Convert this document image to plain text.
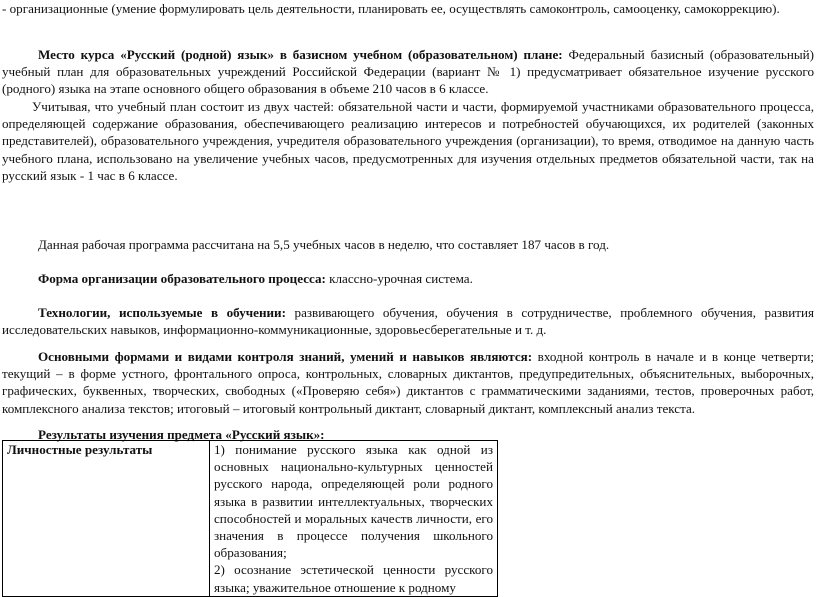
- организационные (умение формулировать цель деятельности, планировать ее, осуществлять самоконтроль, самооценку, самокоррекцию).

Место курса «Русский (родной) язык» в базисном учебном (образовательном) плане: Федеральный базисный (образовательный) учебный план для образовательных учреждений Российской Федерации (вариант № 1) предусматривает обязательное изучение русского (родного) языка на этапе основного общего образования в объеме 210 часов в 6 классе.

Учитывая, что учебный план состоит из двух частей: обязательной части и части, формируемой участниками образовательного процесса, определяющей содержание образования, обеспечивающего реализацию интересов и потребностей обучающихся, их родителей (законных представителей), образовательного учреждения, учредителя образовательного учреждения (организации), то время, отводимое на данную часть учебного плана, использовано на увеличение учебных часов, предусмотренных для изучения отдельных предметов обязательной части, так на русский язык - 1 час в 6 классе.

Данная рабочая программа рассчитана на 5,5 учебных часов в неделю, что составляет 187 часов в год.

Форма организации образовательного процесса: классно-урочная система.

Технологии, используемые в обучении: развивающего обучения, обучения в сотрудничестве, проблемного обучения, развития исследовательских навыков, информационно-коммуникационные, здоровьесберегательные и т. д.

Основными формами и видами контроля знаний, умений и навыков являются: входной контроль в начале и в конце четверти; текущий – в форме устного, фронтального опроса, контрольных, словарных диктантов, предупредительных, объяснительных, выборочных, графических, буквенных, творческих, свободных («Проверяю себя») диктантов с грамматическими заданиями, тестов, проверочных работ, комплексного анализа текстов; итоговый – итоговый контрольный диктант, словарный диктант, комплексный анализ текста.

Результаты изучения предмета «Русский язык»:

Личностные результаты	1) понимание русского языка как одной из основных национально-культурных ценностей русского народа, определяющей роли родного языка в развитии интеллектуальных, творческих способностей и моральных качеств личности, его значения в процессе получения школьного образования;
2) осознание эстетической ценности русского языка; уважительное отношение к родному
